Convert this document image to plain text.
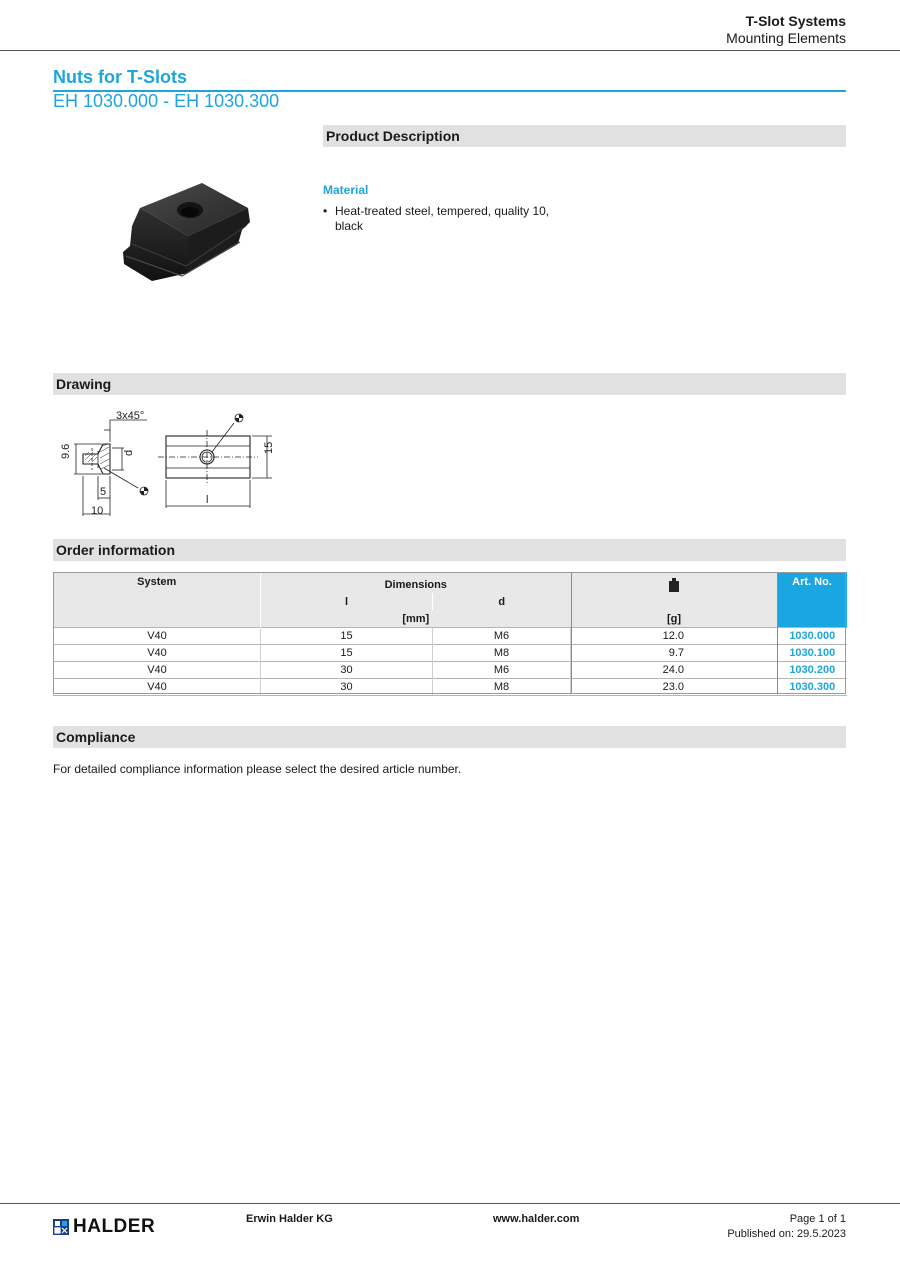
T-Slot Systems
Mounting Elements
Nuts for T-Slots
EH 1030.000 - EH 1030.300
Product Description
Material
• Heat-treated steel, tempered, quality 10, black
Drawing
3x45°
9.6	d
5
10
15
l
Order information
System	Dimensions			Art. No.
	l	d		
	[mm]		[g]	
V40	15	M6	12.0	1030.000
V40	15	M8	9.7	1030.100
V40	30	M6	24.0	1030.200
V40	30	M8	23.0	1030.300
Compliance
For detailed compliance information please select the desired article number.
HALDER	Erwin Halder KG	www.halder.com	Page 1 of 1
Published on: 29.5.2023
